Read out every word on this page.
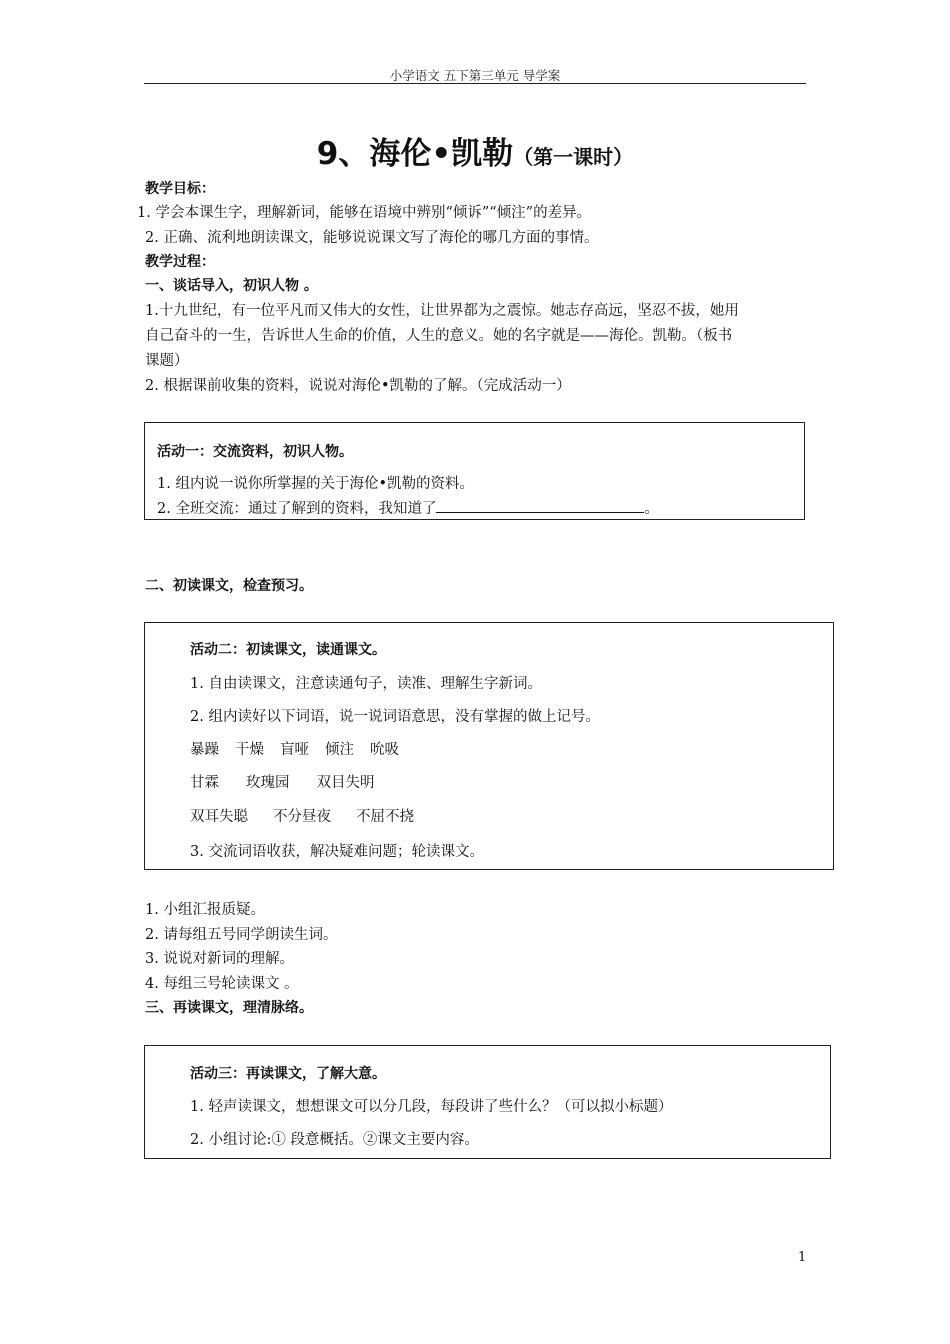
小学语文 五下第三单元 导学案
9、海伦•凯勒（第一课时）
教学目标：
1. 学会本课生字，理解新词，能够在语境中辨别“倾诉”“倾注”的差异。
2. 正确、流利地朗读课文，能够说说课文写了海伦的哪几方面的事情。
教学过程：
一、谈话导入，初识人物 。
1.十九世纪，有一位平凡而又伟大的女性，让世界都为之震惊。她志存高远，坚忍不拔，她用
自己奋斗的一生，告诉世人生命的价值，人生的意义。她的名字就是——海伦。凯勒。（板书
课题）
2. 根据课前收集的资料，说说对海伦•凯勒的了解。（完成活动一）
活动一：交流资料，初识人物。
1. 组内说一说你所掌握的关于海伦•凯勒的资料。
2. 全班交流：通过了解到的资料，我知道了	。
二、初读课文，检查预习。
活动二：初读课文，读通课文。
1. 自由读课文，注意读通句子，读准、理解生字新词。
2. 组内读好以下词语，说一说词语意思，没有掌握的做上记号。
暴躁 干燥 盲哑 倾注 吮吸
甘霖 玫瑰园 双目失明
双耳失聪 不分昼夜 不屈不挠
3. 交流词语收获，解决疑难问题；轮读课文。
1. 小组汇报质疑。
2. 请每组五号同学朗读生词。
3. 说说对新词的理解。
4. 每组三号轮读课文 。
三、再读课文，理清脉络。
活动三：再读课文，了解大意。
1. 轻声读课文，想想课文可以分几段，每段讲了些什么？（可以拟小标题）
2. 小组讨论:① 段意概括。②课文主要内容。
1
